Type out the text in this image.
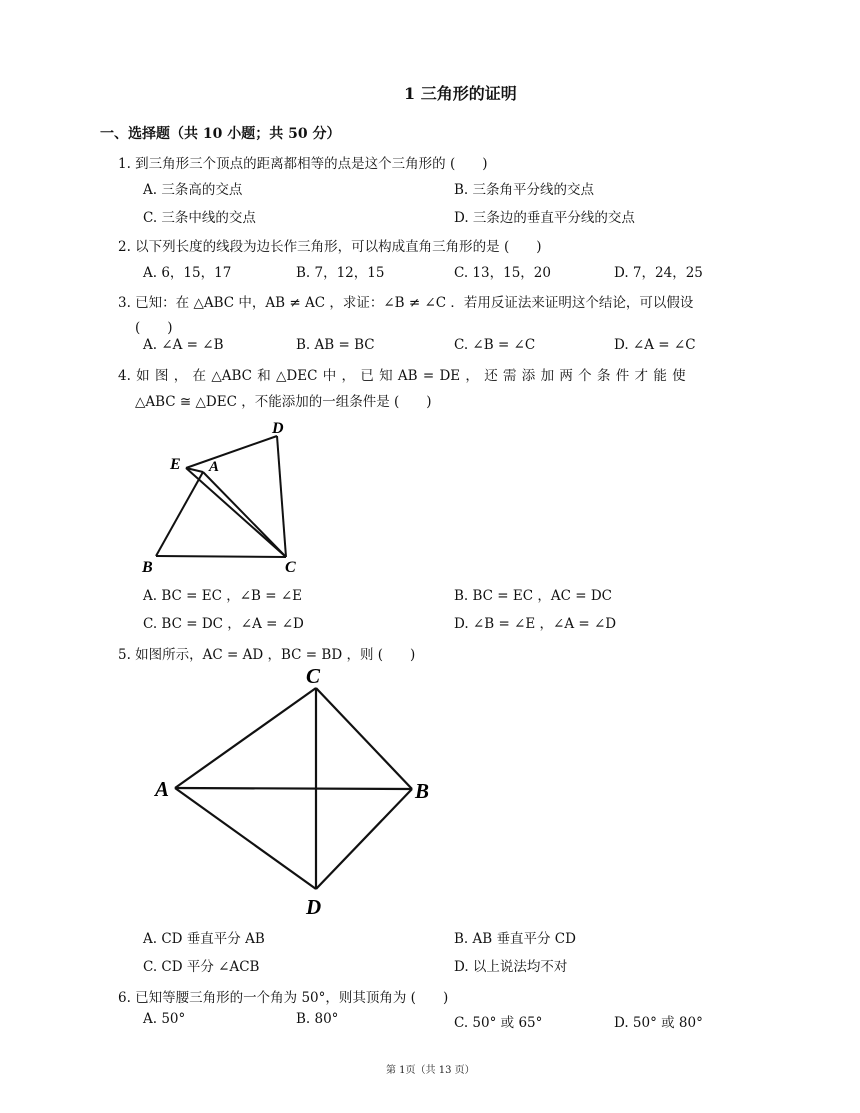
1 三角形的证明
一、选择题（共 10 小题；共 50 分）
1. 到三角形三个顶点的距离都相等的点是这个三角形的 (　　)
A. 三条高的交点	B. 三条角平分线的交点
C. 三条中线的交点	D. 三条边的垂直平分线的交点
2. 以下列长度的线段为边长作三角形，可以构成直角三角形的是 (　　)
A. 6，15，17	B. 7，12，15	C. 13，15，20	D. 7，24，25
3. 已知：在 △ABC 中，AB ≠ AC ，求证：∠B ≠ ∠C ．若用反证法来证明这个结论，可以假设
(　　)
A. ∠A = ∠B	B. AB = BC	C. ∠B = ∠C	D. ∠A = ∠C
4. 如 图 ， 在 △ABC 和 △DEC 中 ， 已 知 AB = DE ， 还 需 添 加 两 个 条 件 才 能 使
△ABC ≅ △DEC ，不能添加的一组条件是 (　　)
D
E A
B	C
A. BC = EC ，∠B = ∠E	B. BC = EC ，AC = DC
C. BC = DC ，∠A = ∠D	D. ∠B = ∠E ，∠A = ∠D
5. 如图所示，AC = AD ，BC = BD ，则 (　　)
C
A	B
D
A. CD 垂直平分 AB	B. AB 垂直平分 CD
C. CD 平分 ∠ACB	D. 以上说法均不对
6. 已知等腰三角形的一个角为 50°，则其顶角为 (　　)
A. 50°	B. 80°	C. 50° 或 65°	D. 50° 或 80°
第 1页（共 13 页）
